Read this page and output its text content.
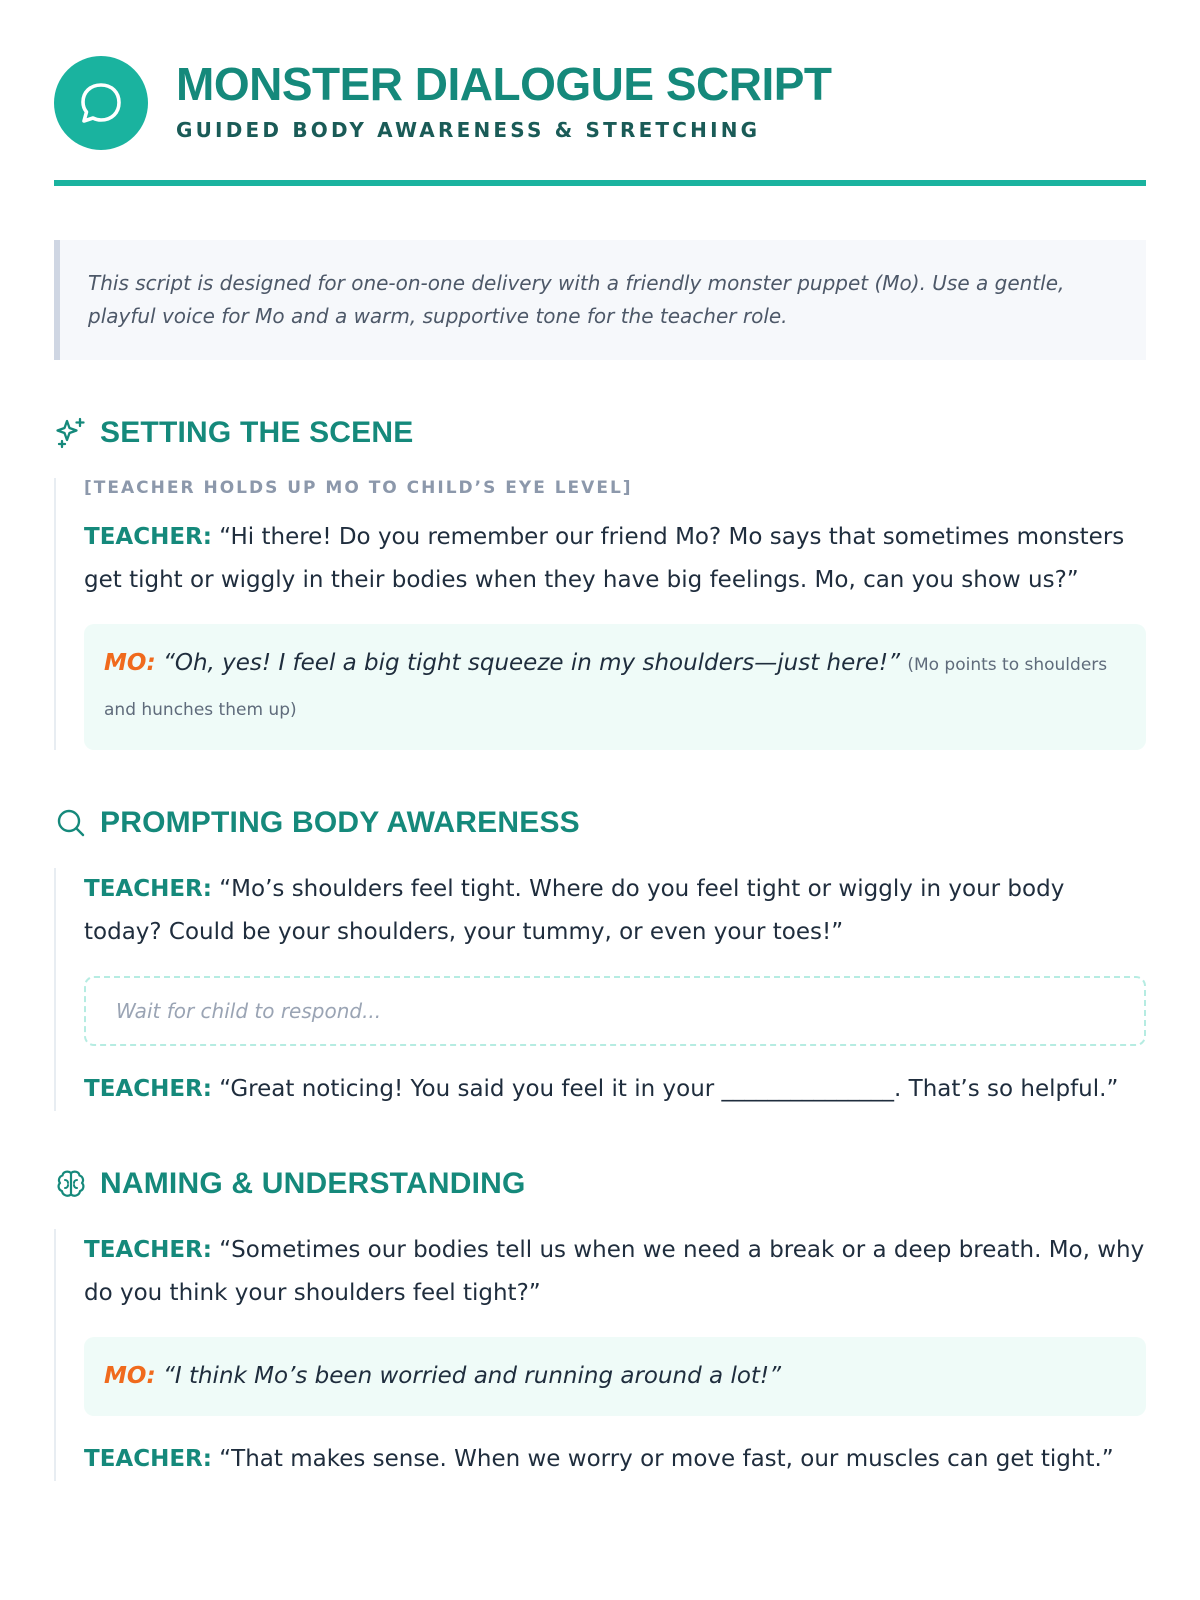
MONSTER DIALOGUE SCRIPT
GUIDED BODY AWARENESS & STRETCHING
This script is designed for one-on-one delivery with a friendly monster puppet (Mo). Use a gentle, playful voice for Mo and a warm, supportive tone for the teacher role.
SETTING THE SCENE
[TEACHER HOLDS UP MO TO CHILD’S EYE LEVEL]
TEACHER: “Hi there! Do you remember our friend Mo? Mo says that sometimes monsters get tight or wiggly in their bodies when they have big feelings. Mo, can you show us?”
MO: “Oh, yes! I feel a big tight squeeze in my shoulders—just here!” (Mo points to shoulders and hunches them up)
PROMPTING BODY AWARENESS
TEACHER: “Mo’s shoulders feel tight. Where do you feel tight or wiggly in your body today? Could be your shoulders, your tummy, or even your toes!”
Wait for child to respond...
TEACHER: “Great noticing! You said you feel it in your _______________. That’s so helpful.”
NAMING & UNDERSTANDING
TEACHER: “Sometimes our bodies tell us when we need a break or a deep breath. Mo, why do you think your shoulders feel tight?”
MO: “I think Mo’s been worried and running around a lot!”
TEACHER: “That makes sense. When we worry or move fast, our muscles can get tight.”
